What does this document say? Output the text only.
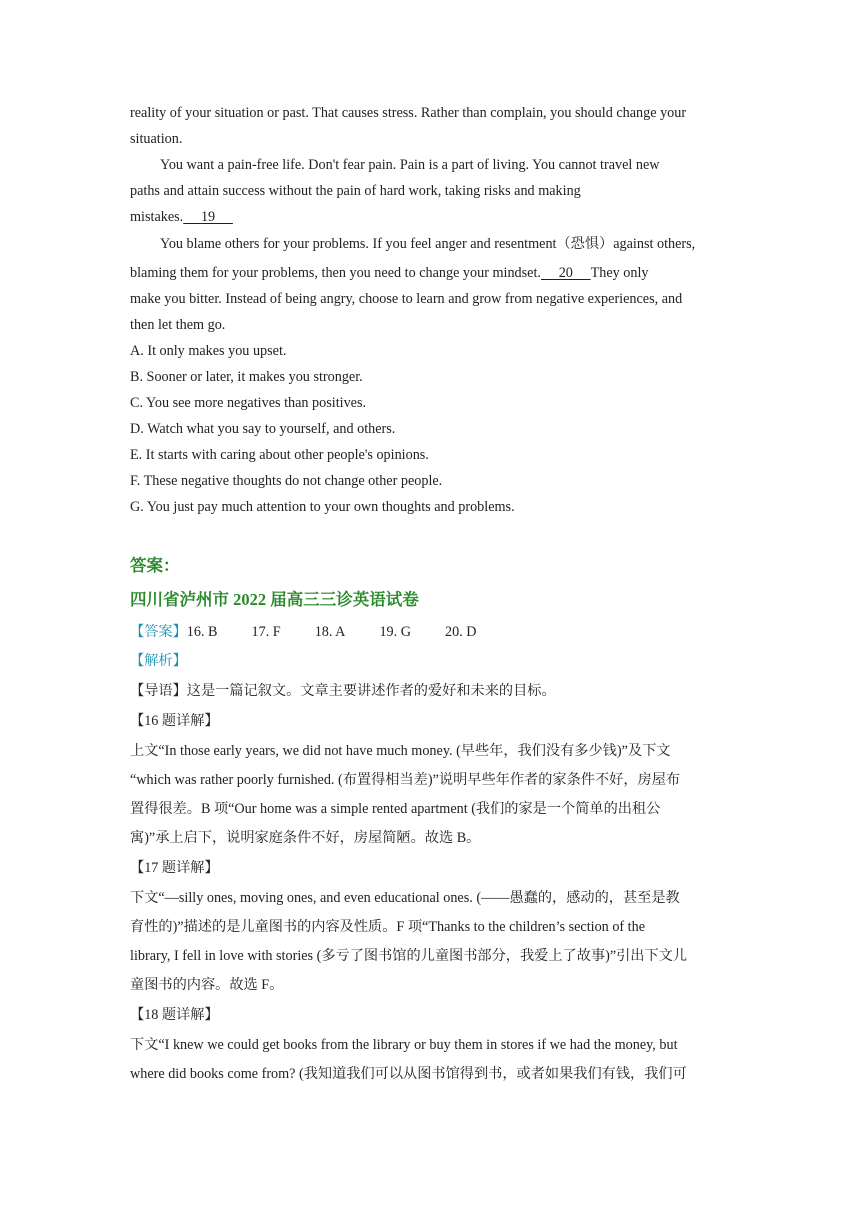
reality of your situation or past. That causes stress. Rather than complain, you should change your
situation.
You want a pain-free life. Don't fear pain. Pain is a part of living. You cannot travel new
paths and attain success without the pain of hard work, taking risks and making
mistakes.     19
You blame others for your problems. If you feel anger and resentment（恐惧）against others,
blaming them for your problems, then you need to change your mindset.     20     They only
make you bitter. Instead of being angry, choose to learn and grow from negative experiences, and
then let them go.
A. It only makes you upset.
B. Sooner or later, it makes you stronger.
C. You see more negatives than positives.
D. Watch what you say to yourself, and others.
E. It starts with caring about other people's opinions.
F. These negative thoughts do not change other people.
G. You just pay much attention to your own thoughts and problems.
答案：
四川省泸州市 2022 届高三三诊英语试卷
【答案】16. B 17. F 18. A 19. G 20. D
【解析】
【导语】这是一篇记叙文。文章主要讲述作者的爱好和未来的目标。
【16 题详解】
上文“In those early years, we did not have much money. (早些年，我们没有多少钱)”及下文
“which was rather poorly furnished. (布置得相当差)”说明早些年作者的家条件不好，房屋布
置得很差。B 项“Our home was a simple rented apartment (我们的家是一个简单的出租公
寓)”承上启下，说明家庭条件不好，房屋简陋。故选 B。
【17 题详解】
下文“—silly ones, moving ones, and even educational ones. (——愚蠢的，感动的，甚至是教
育性的)”描述的是儿童图书的内容及性质。F 项“Thanks to the children’s section of the
library, I fell in love with stories (多亏了图书馆的儿童图书部分，我爱上了故事)”引出下文儿
童图书的内容。故选 F。
【18 题详解】
下文“I knew we could get books from the library or buy them in stores if we had the money, but
where did books come from? (我知道我们可以从图书馆得到书，或者如果我们有钱，我们可
